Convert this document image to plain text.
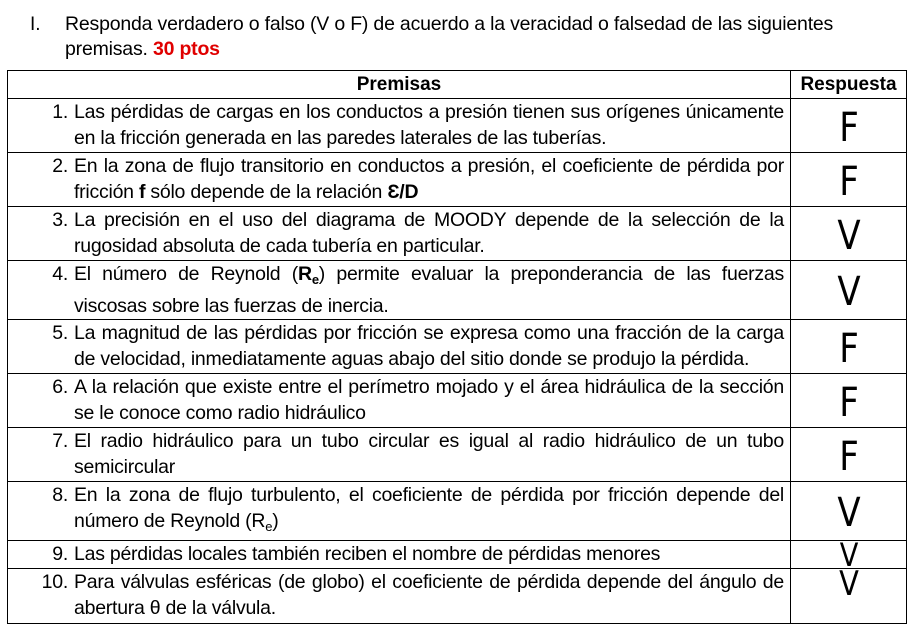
I. Responda verdadero o falso (V o F) de acuerdo a la veracidad o falsedad de las siguientes premisas. 30 ptos
Premisas	Respuesta

1. Las pérdidas de cargas en los conductos a presión tienen sus orígenes únicamente en la fricción generada en las paredes laterales de las tuberías.	F

2. En la zona de flujo transitorio en conductos a presión, el coeficiente de pérdida por fricción f sólo depende de la relación Ɛ/D	F

3. La precisión en el uso del diagrama de MOODY depende de la selección de la rugosidad absoluta de cada tubería en particular.	V

4. El número de Reynold $(R_e)$ permite evaluar la preponderancia de las fuerzas viscosas sobre las fuerzas de inercia.	V

5. La magnitud de las pérdidas por fricción se expresa como una fracción de la carga de velocidad, inmediatamente aguas abajo del sitio donde se produjo la pérdida.	F

6. A la relación que existe entre el perímetro mojado y el área hidráulica de la sección se le conoce como radio hidráulico	F

7. El radio hidráulico para un tubo circular es igual al radio hidráulico de un tubo semicircular	F

8. En la zona de flujo turbulento, el coeficiente de pérdida por fricción depende del número de Reynold $(R_e)$	V

9. Las pérdidas locales también reciben el nombre de pérdidas menores	V

10. Para válvulas esféricas (de globo) el coeficiente de pérdida depende del ángulo de abertura θ de la válvula.	V
